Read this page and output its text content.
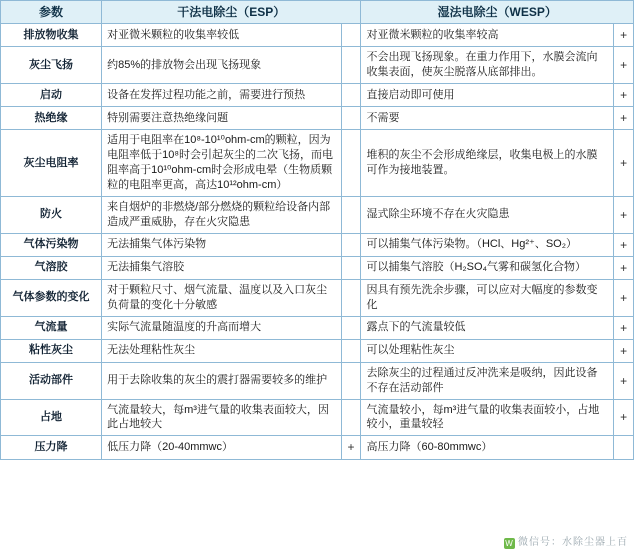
参数	干法电除尘（ESP）		湿法电除尘（WESP）	
排放物收集	对亚微米颗粒的收集率较低		对亚微米颗粒的收集率较高	+
灰尘飞扬	约85%的排放物会出现飞扬现象		不会出现飞扬现象。在重力作用下，水膜会流向收集表面，使灰尘脱落从底部排出。	+
启动	设备在发挥过程功能之前，需要进行预热		直接启动即可使用	+
热绝缘	特别需要注意热绝缘问题		不需要	+
灰尘电阻率	适用于电阻率在10⁸-10¹⁰ohm-cm的颗粒，因为电阻率低于10⁸时会引起灰尘的二次飞扬，而电阻率高于10¹⁰ohm-cm时会形成电晕（生物质颗粒的电阻率更高，高达10¹²ohm-cm）		堆积的灰尘不会形成绝缘层，收集电极上的水膜可作为接地装置。	+
防火	来自烟炉的非燃烧/部分燃烧的颗粒给设备内部造成严重威胁，存在火灾隐患		湿式除尘环境不存在火灾隐患	+
气体污染物	无法捕集气体污染物		可以捕集气体污染物。（HCl、Hg²⁺、SO₂）	+
气溶胶	无法捕集气溶胶		可以捕集气溶胶（H₂SO₄气雾和碳氢化合物）	+
气体参数的变化	对于颗粒尺寸、烟气流量、温度以及入口灰尘负荷量的变化十分敏感		因具有预先洗余步骤，可以应对大幅度的参数变化	+
气流量	实际气流量随温度的升高而增大		露点下的气流量较低	+
粘性灰尘	无法处理粘性灰尘		可以处理粘性灰尘	+
活动部件	用于去除收集的灰尘的震打器需要较多的维护		去除灰尘的过程通过反冲洗来是吸纳，因此设备不存在活动部件	+
占地	气流量较大，每m³进气量的收集表面较大，因此占地较大		气流量较小，每m³进气量的收集表面较小，占地较小，重量较轻	+
压力降	低压力降（20-40mmwc）	+	高压力降（60-80mmwc）	
W 微信号：水除尘器上百
